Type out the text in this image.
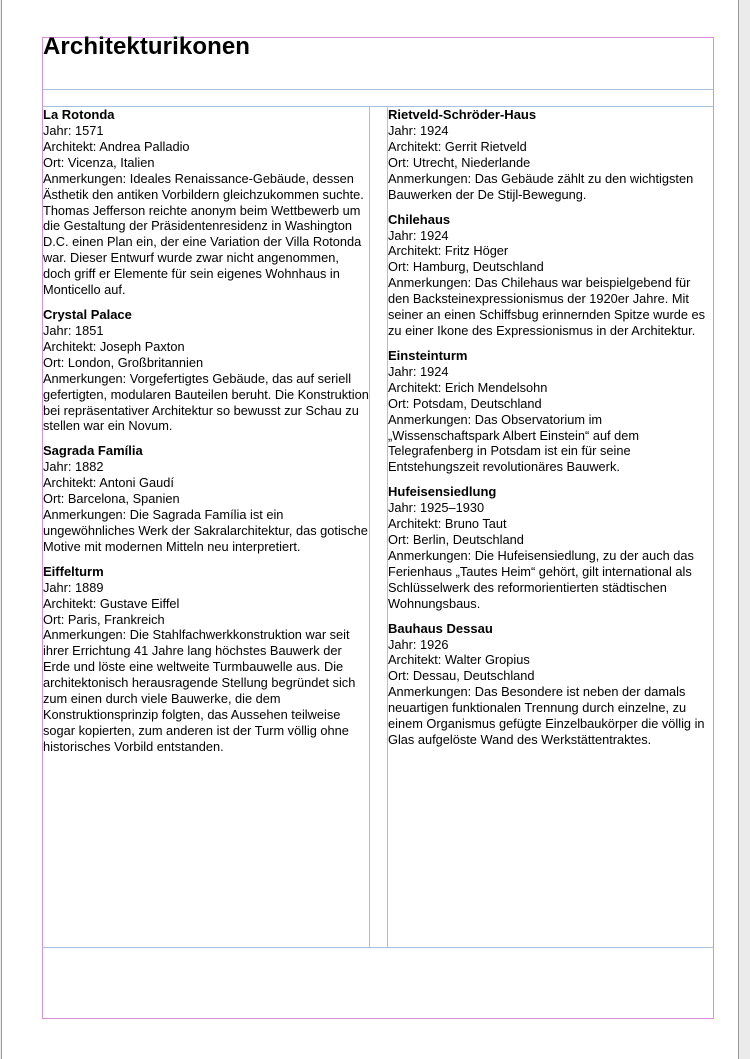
Architekturikonen
La Rotonda
Jahr: 1571
Architekt: Andrea Palladio
Ort: Vicenza, Italien
Anmerkungen: Ideales Renaissance-Gebäude, dessen Ästhetik den antiken Vorbildern gleichzukommen suchte. Thomas Jefferson reichte anonym beim Wettbewerb um die Gestaltung der Präsidentenresidenz in Washington D.C. einen Plan ein, der eine Variation der Villa Rotonda war. Dieser Entwurf wurde zwar nicht angenommen, doch griff er Elemente für sein eigenes Wohnhaus in Monticello auf.
Crystal Palace
Jahr: 1851
Architekt: Joseph Paxton
Ort: London, Großbritannien
Anmerkungen: Vorgefertigtes Gebäude, das auf seriell gefertigten, modularen Bauteilen beruht. Die Konstruktion bei repräsentativer Architektur so bewusst zur Schau zu stellen war ein Novum.
Sagrada Família
Jahr: 1882
Architekt: Antoni Gaudí
Ort: Barcelona, Spanien
Anmerkungen: Die Sagrada Família ist ein ungewöhnliches Werk der Sakralarchitektur, das gotische Motive mit modernen Mitteln neu interpretiert.
Eiffelturm
Jahr: 1889
Architekt: Gustave Eiffel
Ort: Paris, Frankreich
Anmerkungen: Die Stahlfachwerkkonstruktion war seit ihrer Errichtung 41 Jahre lang höchstes Bauwerk der Erde und löste eine weltweite Turmbauwelle aus. Die architektonisch herausragende Stellung begründet sich zum einen durch viele Bauwerke, die dem Konstruktionsprinzip folgten, das Aussehen teilweise sogar kopierten, zum anderen ist der Turm völlig ohne historisches Vorbild entstanden.
Rietveld-Schröder-Haus
Jahr: 1924
Architekt: Gerrit Rietveld
Ort: Utrecht, Niederlande
Anmerkungen: Das Gebäude zählt zu den wichtigsten Bauwerken der De Stijl-Bewegung.
Chilehaus
Jahr: 1924
Architekt: Fritz Höger
Ort: Hamburg, Deutschland
Anmerkungen: Das Chilehaus war beispielgebend für den Backsteinexpressionismus der 1920er Jahre. Mit seiner an einen Schiffsbug erinnernden Spitze wurde es zu einer Ikone des Expressionismus in der Architektur.
Einsteinturm
Jahr: 1924
Architekt: Erich Mendelsohn
Ort: Potsdam, Deutschland
Anmerkungen: Das Observatorium im „Wissenschaftspark Albert Einstein“ auf dem Telegrafenberg in Potsdam ist ein für seine Entstehungszeit revolutionäres Bauwerk.
Hufeisensiedlung
Jahr: 1925–1930
Architekt: Bruno Taut
Ort: Berlin, Deutschland
Anmerkungen: Die Hufeisensiedlung, zu der auch das Ferienhaus „Tautes Heim“ gehört, gilt international als Schlüsselwerk des reformorientierten städtischen Wohnungsbaus.
Bauhaus Dessau
Jahr: 1926
Architekt: Walter Gropius
Ort: Dessau, Deutschland
Anmerkungen: Das Besondere ist neben der damals neuartigen funktionalen Trennung durch einzelne, zu einem Organismus gefügte Einzelbaukörper die völlig in Glas aufgelöste Wand des Werkstättentraktes.
